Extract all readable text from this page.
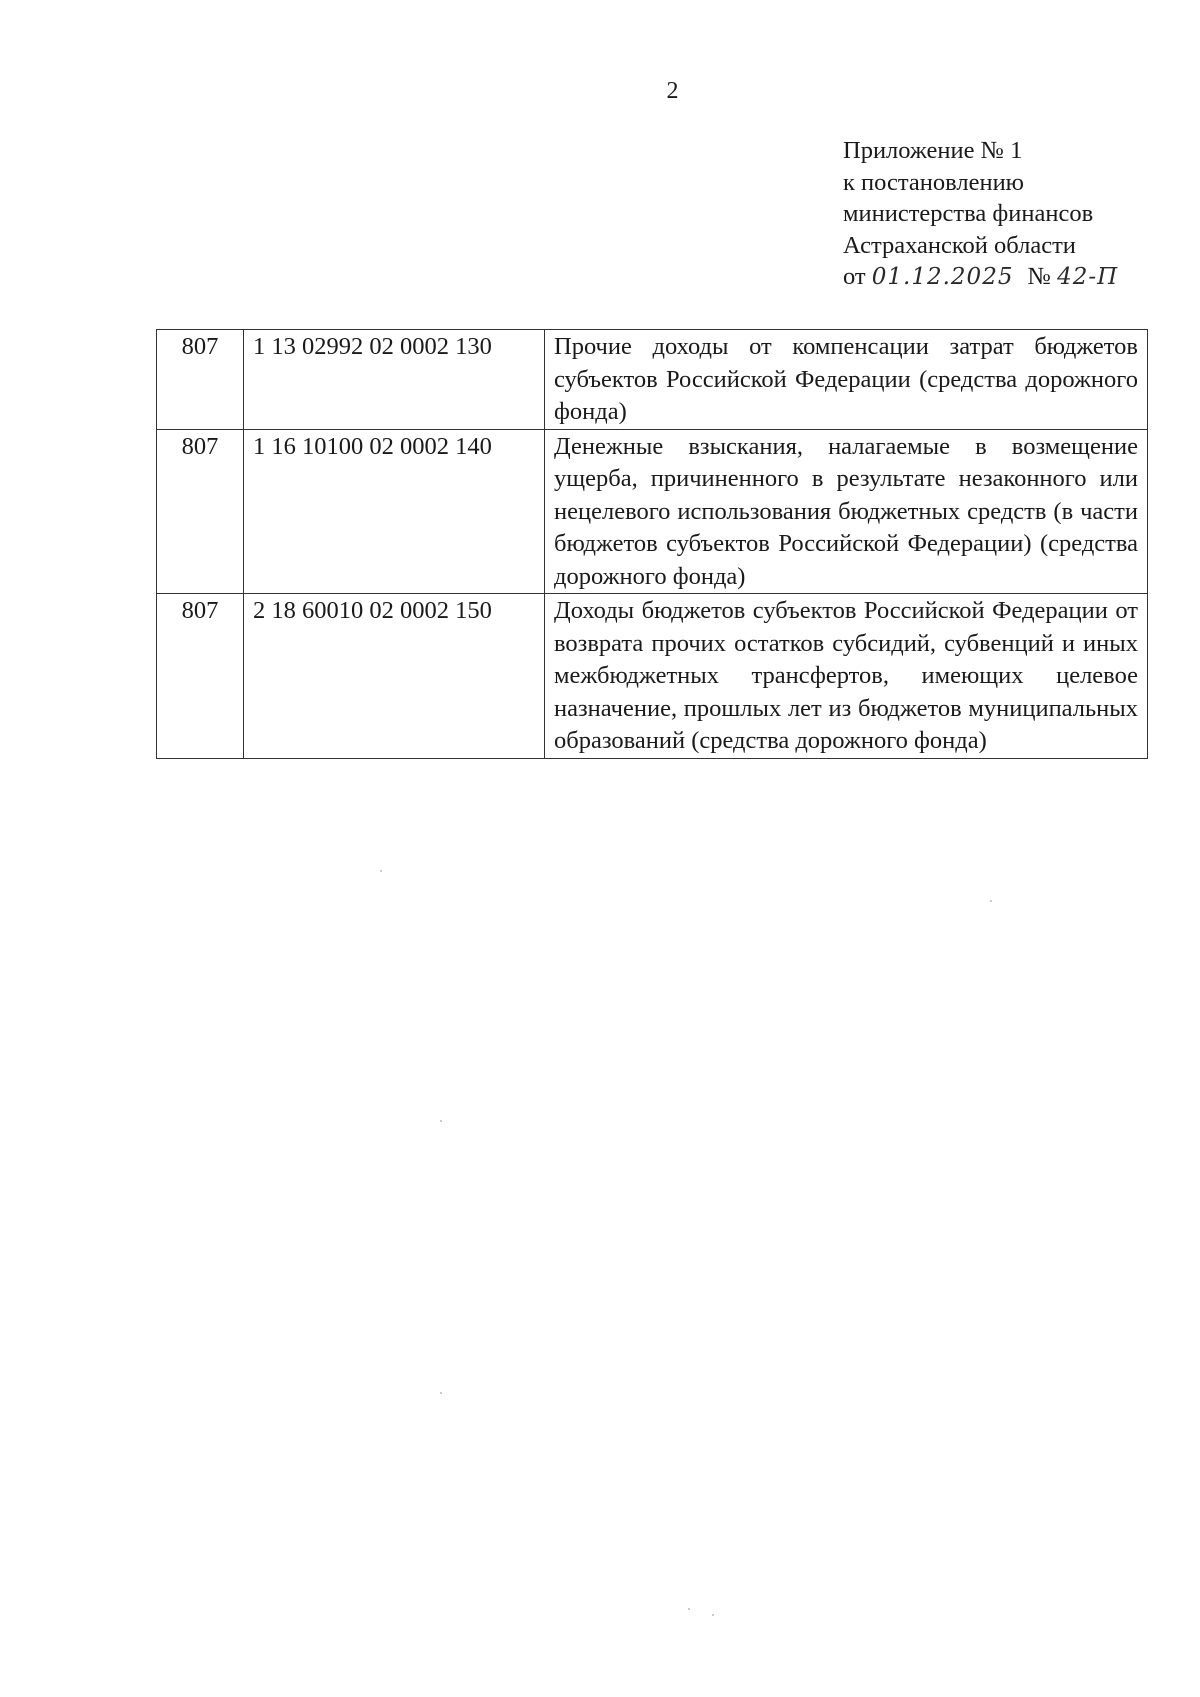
2
Приложение № 1
к постановлению
министерства финансов
Астраханской области
от 01.12.2025 № 42-П
807	1 13 02992 02 0002 130	Прочие доходы от компенсации затрат бюджетов субъектов Российской Федерации (средства дорожного фонда)
807	1 16 10100 02 0002 140	Денежные взыскания, налагаемые в возмещение ущерба, причиненного в результате незаконного или нецелевого использования бюджетных средств (в части бюджетов субъектов Российской Федерации) (средства дорожного фонда)
807	2 18 60010 02 0002 150	Доходы бюджетов субъектов Российской Федерации от возврата прочих остатков субсидий, субвенций и иных межбюджетных трансфертов, имеющих целевое назначение, прошлых лет из бюджетов муниципальных образований (средства дорожного фонда)
